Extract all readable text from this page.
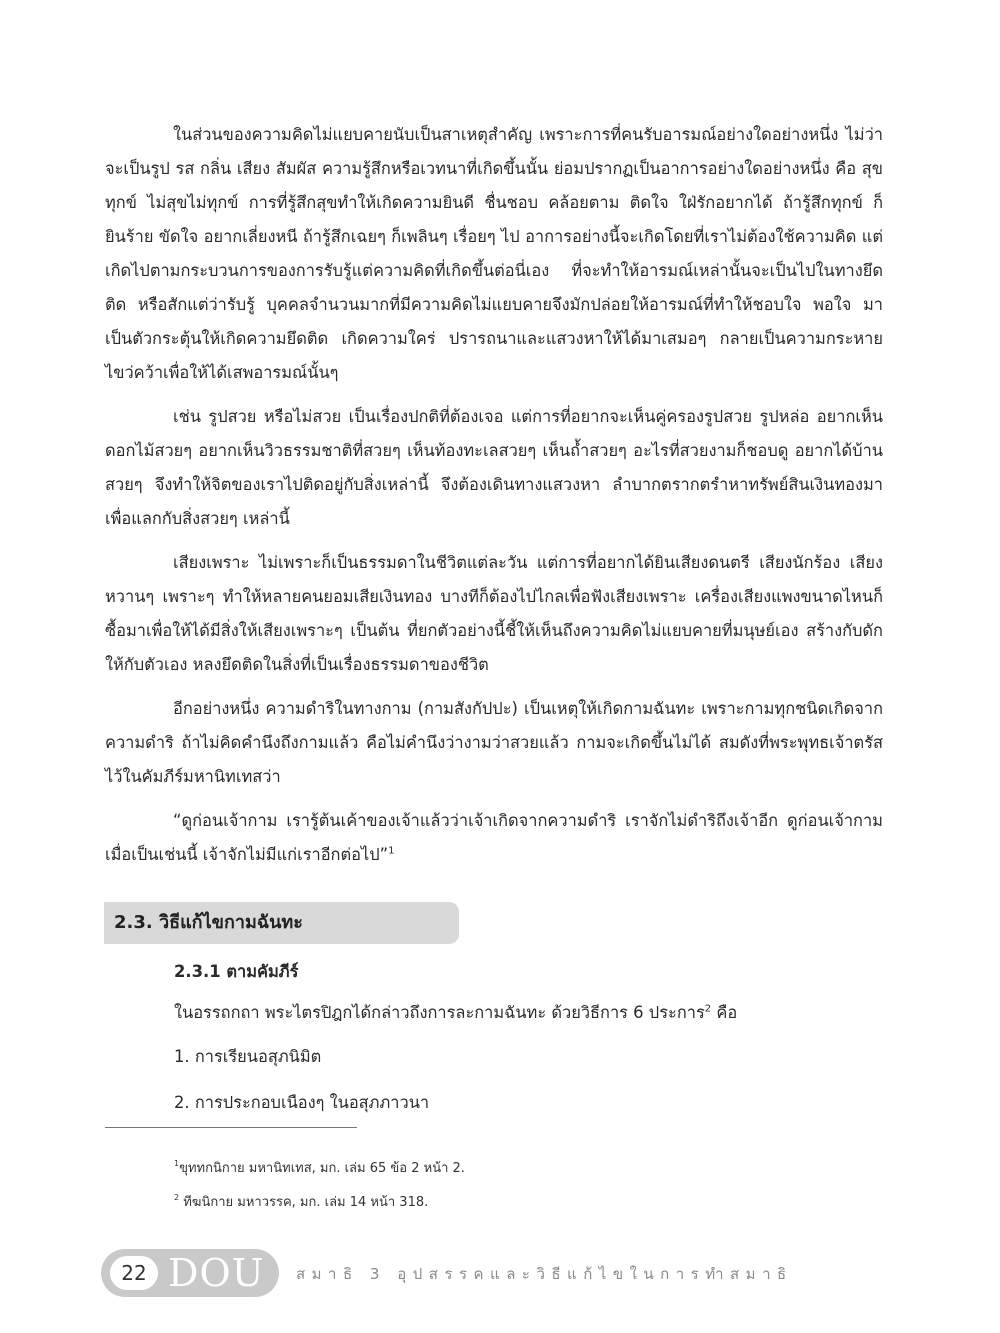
ในส่วนของความคิดไม่แยบคายนับเป็นสาเหตุสำคัญ เพราะการที่คนรับอารมณ์อย่างใดอย่างหนึ่ง ไม่ว่าจะเป็นรูป รส กลิ่น เสียง สัมผัส ความรู้สึกหรือเวทนาที่เกิดขึ้นนั้น ย่อมปรากฏเป็นอาการอย่างใดอย่างหนึ่ง คือ สุข ทุกข์ ไม่สุขไม่ทุกข์ การที่รู้สึกสุขทำให้เกิดความยินดี ชื่นชอบ คล้อยตาม ติดใจ ใฝ่รักอยากได้ ถ้ารู้สึกทุกข์ ก็ยินร้าย ขัดใจ อยากเลี่ยงหนี ถ้ารู้สึกเฉยๆ ก็เพลินๆ เรื่อยๆ ไป อาการอย่างนี้จะเกิดโดยที่เราไม่ต้องใช้ความคิด แต่เกิดไปตามกระบวนการของการรับรู้แต่ความคิดที่เกิดขึ้นต่อนี่เอง ที่จะทำให้อารมณ์เหล่านั้นจะเป็นไปในทางยึดติด หรือสักแต่ว่ารับรู้ บุคคลจำนวนมากที่มีความคิดไม่แยบคายจึงมักปล่อยให้อารมณ์ที่ทำให้ชอบใจ พอใจ มาเป็นตัวกระตุ้นให้เกิดความยึดติด เกิดความใคร่ ปรารถนาและแสวงหาให้ได้มาเสมอๆ กลายเป็นความกระหาย ไขว่คว้าเพื่อให้ได้เสพอารมณ์นั้นๆ

เช่น รูปสวย หรือไม่สวย เป็นเรื่องปกติที่ต้องเจอ แต่การที่อยากจะเห็นคู่ครองรูปสวย รูปหล่อ อยากเห็นดอกไม้สวยๆ อยากเห็นวิวธรรมชาติที่สวยๆ เห็นท้องทะเลสวยๆ เห็นถ้ำสวยๆ อะไรที่สวยงามก็ชอบดู อยากได้บ้านสวยๆ จึงทำให้จิตของเราไปติดอยู่กับสิ่งเหล่านี้ จึงต้องเดินทางแสวงหา ลำบากตรากตรำหาทรัพย์สินเงินทองมาเพื่อแลกกับสิ่งสวยๆ เหล่านี้

เสียงเพราะ ไม่เพราะก็เป็นธรรมดาในชีวิตแต่ละวัน แต่การที่อยากได้ยินเสียงดนตรี เสียงนักร้อง เสียงหวานๆ เพราะๆ ทำให้หลายคนยอมเสียเงินทอง บางทีก็ต้องไปไกลเพื่อฟังเสียงเพราะ เครื่องเสียงแพงขนาดไหนก็ซื้อมาเพื่อให้ได้มีสิ่งให้เสียงเพราะๆ เป็นต้น ที่ยกตัวอย่างนี้ชี้ให้เห็นถึงความคิดไม่แยบคายที่มนุษย์เอง สร้างกับดักให้กับตัวเอง หลงยึดติดในสิ่งที่เป็นเรื่องธรรมดาของชีวิต

อีกอย่างหนึ่ง ความดำริในทางกาม (กามสังกัปปะ) เป็นเหตุให้เกิดกามฉันทะ เพราะกามทุกชนิดเกิดจากความดำริ ถ้าไม่คิดคำนึงถึงกามแล้ว คือไม่คำนึงว่างามว่าสวยแล้ว กามจะเกิดขึ้นไม่ได้ สมดังที่พระพุทธเจ้าตรัสไว้ในคัมภีร์มหานิทเทสว่า

“ดูก่อนเจ้ากาม เรารู้ต้นเค้าของเจ้าแล้วว่าเจ้าเกิดจากความดำริ เราจักไม่ดำริถึงเจ้าอีก ดูก่อนเจ้ากาม เมื่อเป็นเช่นนี้ เจ้าจักไม่มีแก่เราอีกต่อไป”$^1$

2.3. วิธีแก้ไขกามฉันทะ
2.3.1 ตามคัมภีร์
ในอรรถกถา พระไตรปิฎกได้กล่าวถึงการละกามฉันทะ ด้วยวิธีการ 6 ประการ$^2$ คือ
1. การเรียนอสุภนิมิต
2. การประกอบเนืองๆ ในอสุภภาวนา
$^1$ขุททกนิกาย มหานิทเทส, มก. เล่ม 65 ข้อ 2 หน้า 2.
$^2$ ทีฆนิกาย มหาวรรค, มก. เล่ม 14 หน้า 318.
22 DOU สมาธิ 3 อุปสรรคและวิธีแก้ไขในการทำสมาธิ
